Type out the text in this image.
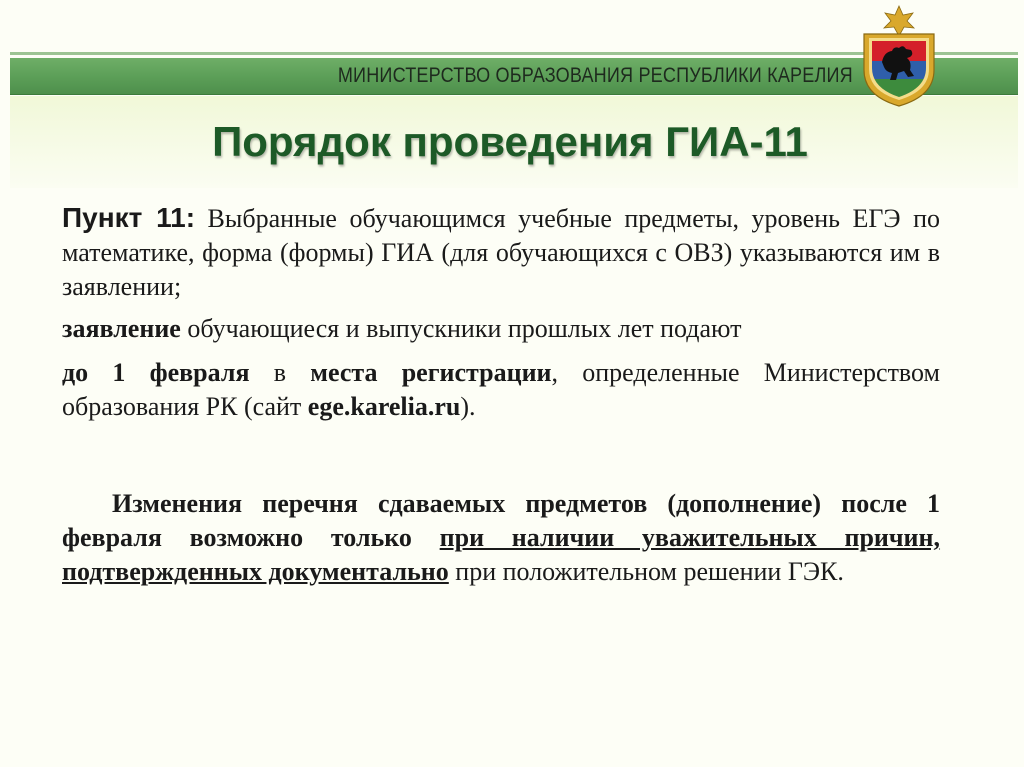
МИНИСТЕРСТВО ОБРАЗОВАНИЯ РЕСПУБЛИКИ КАРЕЛИЯ
Порядок проведения ГИА-11

Пункт 11: Выбранные обучающимся учебные предметы, уровень ЕГЭ по математике, форма (формы) ГИА (для обучающихся с ОВЗ) указываются им в заявлении;

заявление обучающиеся и выпускники прошлых лет подают

до 1 февраля в места регистрации, определенные Министерством образования РК (сайт ege.karelia.ru).

Изменения перечня сдаваемых предметов (дополнение) после 1 февраля возможно только при наличии уважительных причин, подтвержденных документально при положительном решении ГЭК.
